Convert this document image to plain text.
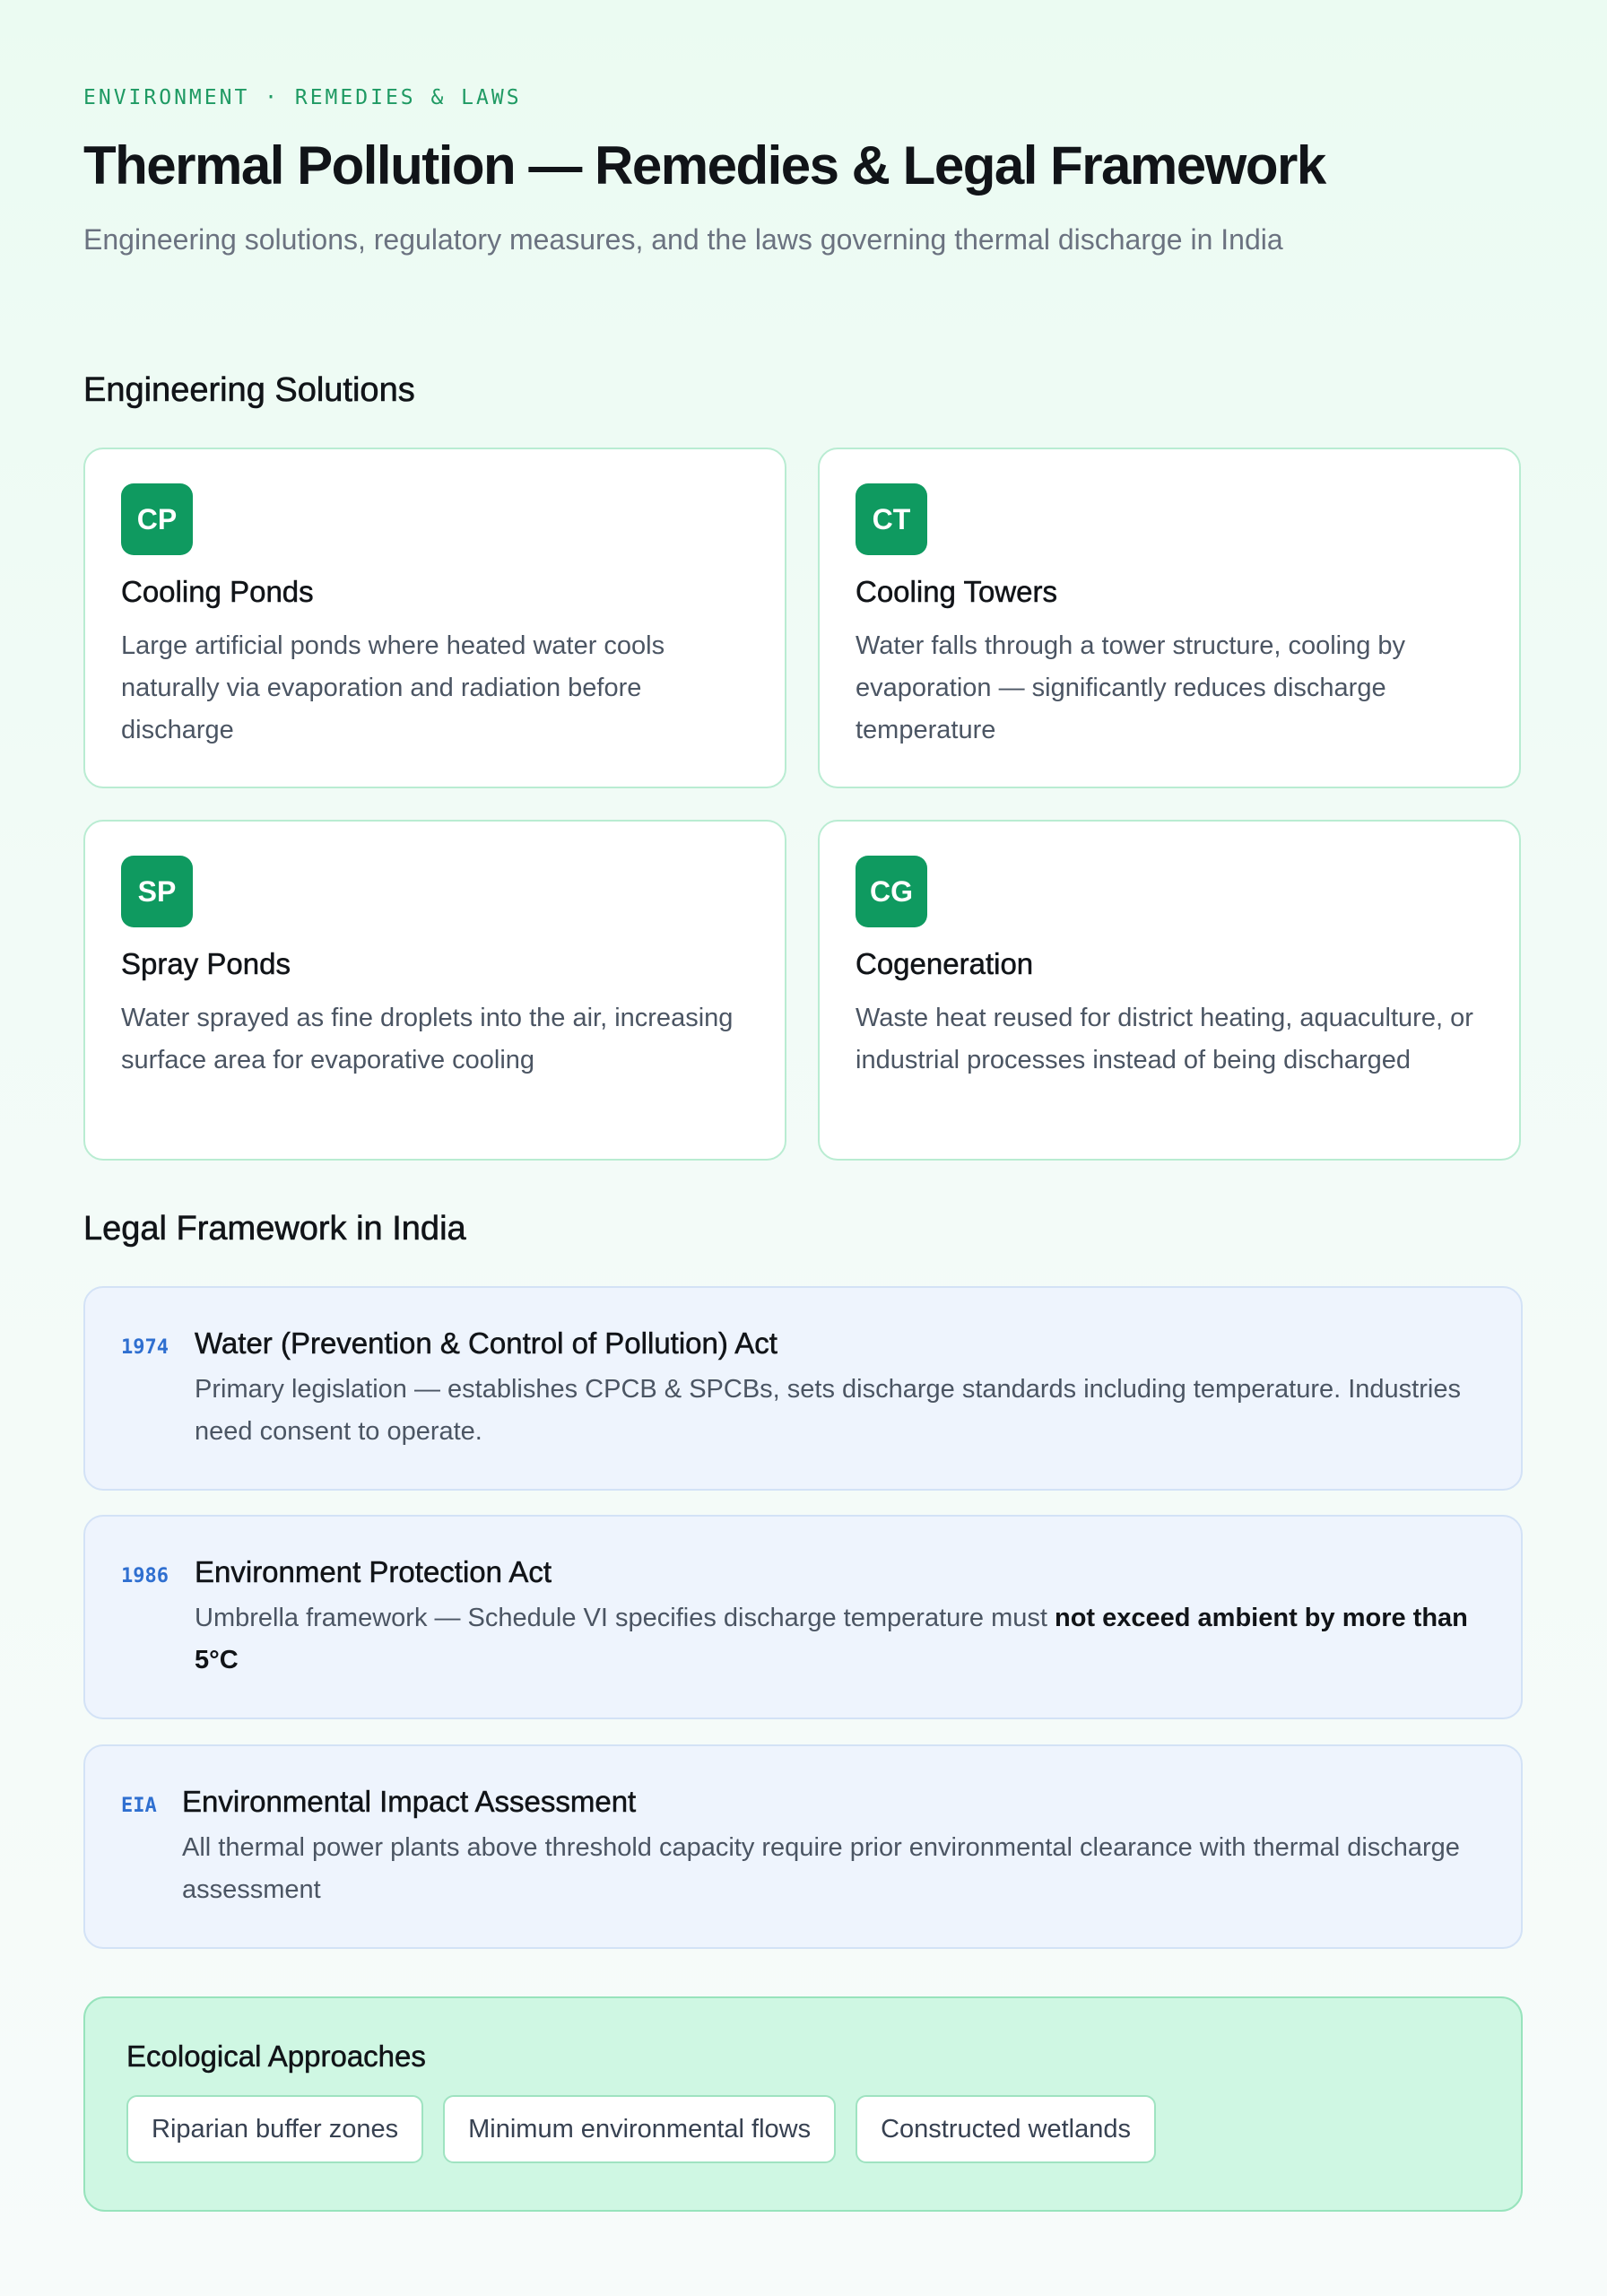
ENVIRONMENT · REMEDIES & LAWS
Thermal Pollution — Remedies & Legal Framework

Engineering solutions, regulatory measures, and the laws governing thermal discharge in India

Engineering Solutions
CP
Cooling Ponds
Large artificial ponds where heated water cools naturally via evaporation and radiation before discharge
CT
Cooling Towers
Water falls through a tower structure, cooling by evaporation — significantly reduces discharge temperature
SP
Spray Ponds
Water sprayed as fine droplets into the air, increasing surface area for evaporative cooling
CG
Cogeneration
Waste heat reused for district heating, aquaculture, or industrial processes instead of being discharged
Legal Framework in India
1974 Water (Prevention & Control of Pollution) Act
Primary legislation — establishes CPCB & SPCBs, sets discharge standards including temperature. Industries need consent to operate.
1986 Environment Protection Act
Umbrella framework — Schedule VI specifies discharge temperature must not exceed ambient by more than 5°C
EIA Environmental Impact Assessment
All thermal power plants above threshold capacity require prior environmental clearance with thermal discharge assessment
Ecological Approaches
Riparian buffer zones	Minimum environmental flows	Constructed wetlands
